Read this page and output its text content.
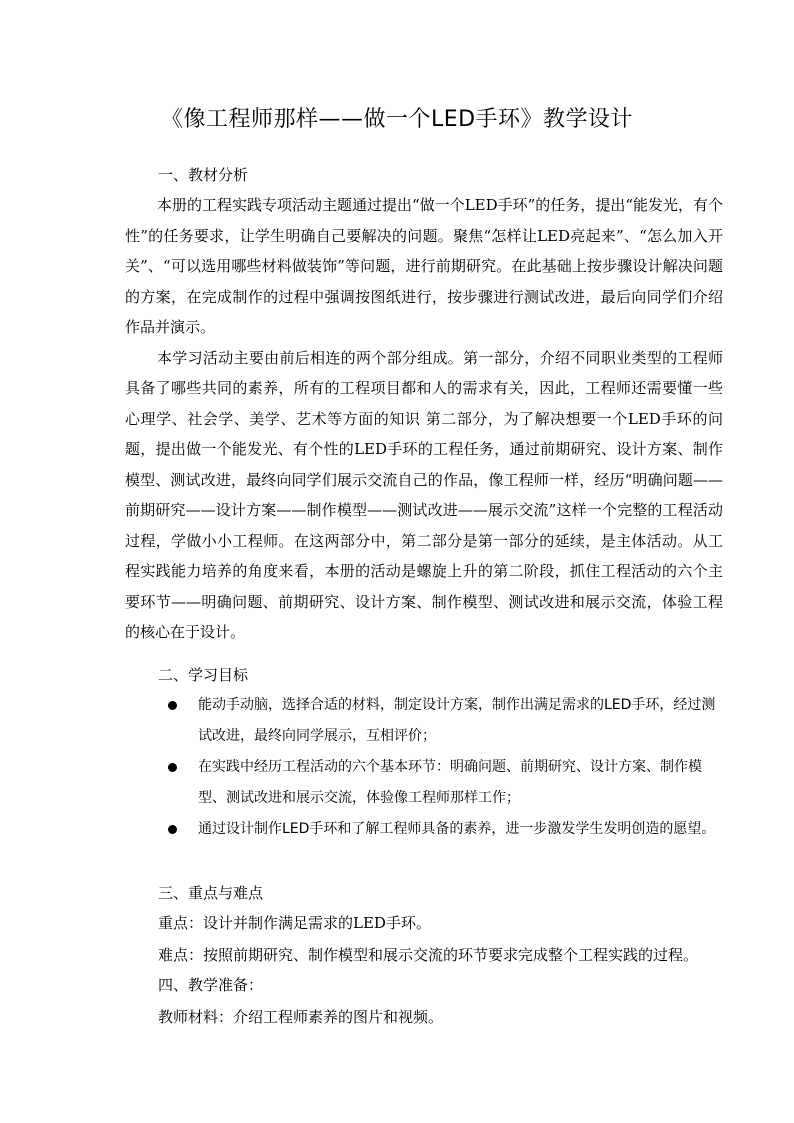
《像工程师那样——做一个LED手环》教学设计
一、教材分析

本册的工程实践专项活动主题通过提出“做一个LED手环”的任务，提出“能发光，有个性”的任务要求，让学生明确自己要解决的问题。聚焦“怎样让LED亮起来”、“怎么加入开关”、“可以选用哪些材料做装饰”等问题，进行前期研究。在此基础上按步骤设计解决问题的方案，在完成制作的过程中强调按图纸进行，按步骤进行测试改进，最后向同学们介绍作品并演示。

本学习活动主要由前后相连的两个部分组成。第一部分，介绍不同职业类型的工程师具备了哪些共同的素养，所有的工程项目都和人的需求有关，因此，工程师还需要懂一些心理学、社会学、美学、艺术等方面的知识 第二部分，为了解决想要一个LED手环的问题，提出做一个能发光、有个性的LED手环的工程任务，通过前期研究、设计方案、制作模型、测试改进，最终向同学们展示交流自己的作品，像工程师一样，经历“明确问题——前期研究——设计方案——制作模型——测试改进——展示交流”这样一个完整的工程活动过程，学做小小工程师。在这两部分中，第二部分是第一部分的延续，是主体活动。从工程实践能力培养的角度来看，本册的活动是螺旋上升的第二阶段，抓住工程活动的六个主要环节——明确问题、前期研究、设计方案、制作模型、测试改进和展示交流，体验工程的核心在于设计。

二、学习目标

能动手动脑，选择合适的材料，制定设计方案，制作出满足需求的LED手环，经过测试改进，最终向同学展示，互相评价；

在实践中经历工程活动的六个基本环节：明确问题、前期研究、设计方案、制作模型、测试改进和展示交流，体验像工程师那样工作；

通过设计制作LED手环和了解工程师具备的素养，进一步激发学生发明创造的愿望。

三、重点与难点
重点：设计并制作满足需求的LED手环。
难点：按照前期研究、制作模型和展示交流的环节要求完成整个工程实践的过程。
四、教学准备：
教师材料：介绍工程师素养的图片和视频。
